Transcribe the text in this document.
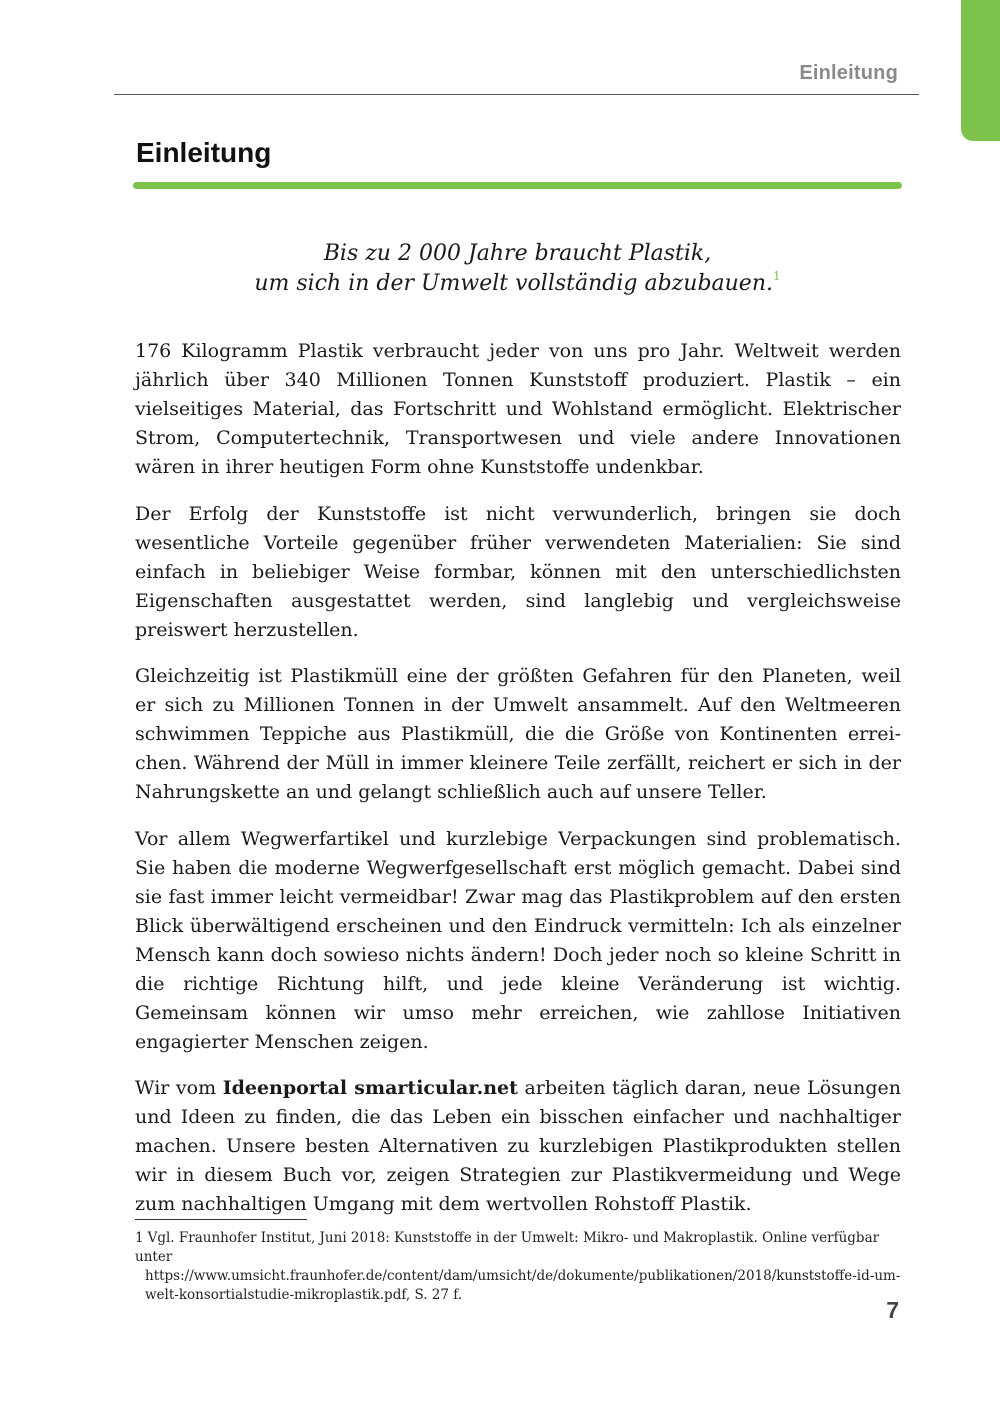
Einleitung
Einleitung
Bis zu 2 000 Jahre braucht Plastik,
um sich in der Umwelt vollständig abzubauen.$^1$

176 Kilogramm Plastik verbraucht jeder von uns pro Jahr. Weltweit werden jährlich über 340 Millionen Tonnen Kunststoff produziert. Plastik – ein vielseitiges Material, das Fortschritt und Wohlstand ermöglicht. Elektrischer Strom, Computertechnik, Transportwesen und viele andere Innovationen wären in ihrer heutigen Form ohne Kunststoffe undenkbar.

Der Erfolg der Kunststoffe ist nicht verwunderlich, bringen sie doch wesentliche Vorteile gegenüber früher verwendeten Materialien: Sie sind einfach in beliebiger Weise formbar, können mit den unterschiedlichsten Eigenschaften ausgestattet werden, sind langlebig und vergleichsweise preiswert herzustellen.

Gleichzeitig ist Plastikmüll eine der größten Gefahren für den Planeten, weil er sich zu Millionen Tonnen in der Umwelt ansammelt. Auf den Weltmeeren schwimmen Teppiche aus Plastikmüll, die die Größe von Kontinenten erreichen. Während der Müll in immer kleinere Teile zerfällt, reichert er sich in der Nahrungskette an und gelangt schließlich auch auf unsere Teller.

Vor allem Wegwerfartikel und kurzlebige Verpackungen sind problematisch. Sie haben die moderne Wegwerfgesellschaft erst möglich gemacht. Dabei sind sie fast immer leicht vermeidbar! Zwar mag das Plastikproblem auf den ersten Blick überwältigend erscheinen und den Eindruck vermitteln: Ich als einzelner Mensch kann doch sowieso nichts ändern! Doch jeder noch so kleine Schritt in die richtige Richtung hilft, und jede kleine Veränderung ist wichtig. Gemeinsam können wir umso mehr erreichen, wie zahllose Initiativen engagierter Menschen zeigen.

Wir vom Ideenportal smarticular.net arbeiten täglich daran, neue Lösungen und Ideen zu finden, die das Leben ein bisschen einfacher und nachhaltiger machen. Unsere besten Alternativen zu kurzlebigen Plastikprodukten stellen wir in diesem Buch vor, zeigen Strategien zur Plastikvermeidung und Wege zum nachhaltigen Umgang mit dem wertvollen Rohstoff Plastik.

1 Vgl. Fraunhofer Institut, Juni 2018: Kunststoffe in der Umwelt: Mikro- und Makroplastik. Online verfügbar unter
https://www.umsicht.fraunhofer.de/content/dam/umsicht/de/dokumente/publikationen/2018/kunststoffe-id-um-
welt-konsortialstudie-mikroplastik.pdf, S. 27 f.
7
